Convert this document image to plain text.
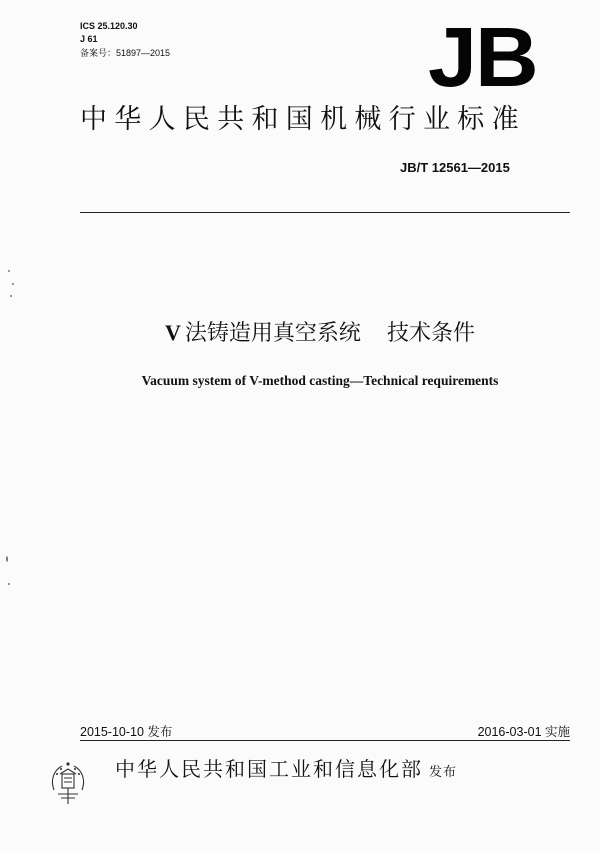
ICS 25.120.30
J 61
备案号：51897—2015	JB
中华人民共和国机械行业标准
JB/T 12561—2015
V 法铸造用真空系统 技术条件
Vacuum system of V-method casting—Technical requirements
2015-10-10 发布	2016-03-01 实施
中华人民共和国工业和信息化部 发布
